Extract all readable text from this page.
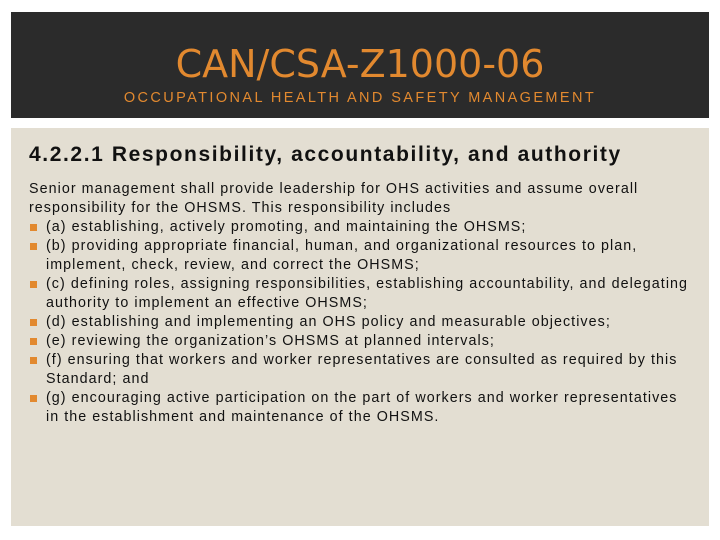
CAN/CSA-Z1000-06
OCCUPATIONAL HEALTH AND SAFETY MANAGEMENT
4.2.2.1 Responsibility, accountability, and authority

Senior management shall provide leadership for OHS activities and assume overall responsibility for the OHSMS. This responsibility includes

(a) establishing, actively promoting, and maintaining the OHSMS;
(b) providing appropriate financial, human, and organizational resources to plan, implement, check, review, and correct the OHSMS;
(c) defining roles, assigning responsibilities, establishing accountability, and delegating authority to implement an effective OHSMS;
(d) establishing and implementing an OHS policy and measurable objectives;
(e) reviewing the organization’s OHSMS at planned intervals;
(f) ensuring that workers and worker representatives are consulted as required by this Standard; and
(g) encouraging active participation on the part of workers and worker representatives in the establishment and maintenance of the OHSMS.
